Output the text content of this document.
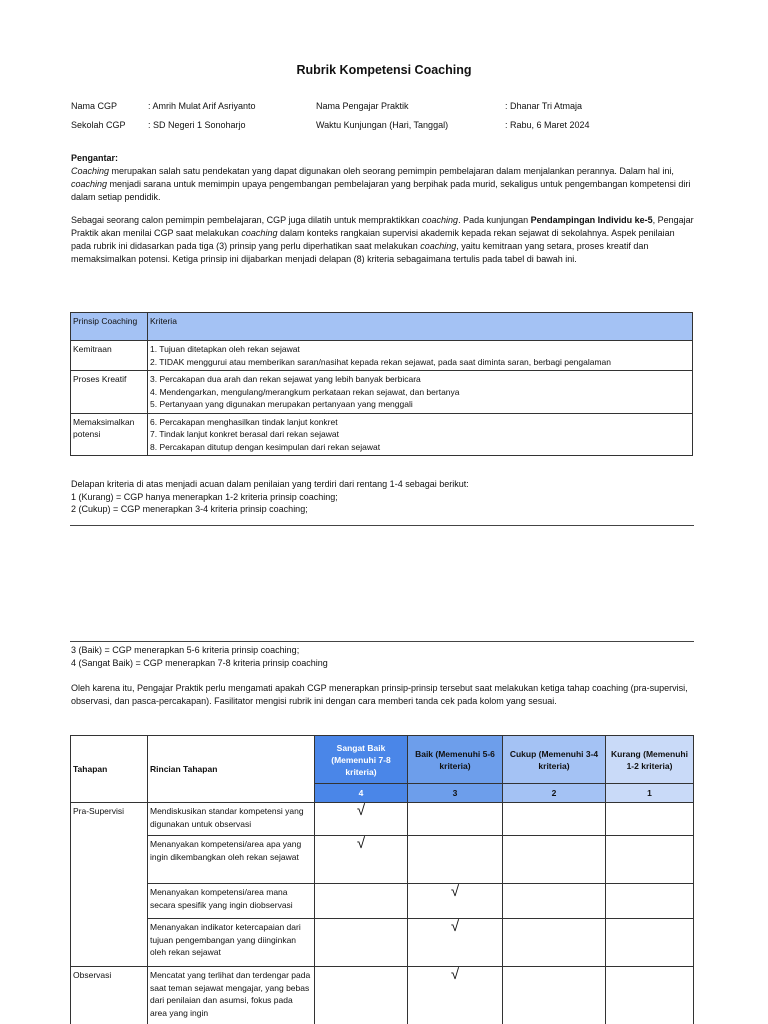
Rubrik Kompetensi Coaching
Nama CGP	: Amrih Mulat Arif Asriyanto	Nama Pengajar Praktik	: Dhanar Tri Atmaja
Sekolah CGP : SD Negeri 1 Sonoharjo	Waktu Kunjungan (Hari, Tanggal)	: Rabu, 6 Maret 2024

Pengantar:

Coaching merupakan salah satu pendekatan yang dapat digunakan oleh seorang pemimpin pembelajaran dalam menjalankan perannya. Dalam hal ini, coaching menjadi sarana untuk memimpin upaya pengembangan pembelajaran yang berpihak pada murid, sekaligus untuk pengembangan kompetensi diri dalam setiap pendidik.

Sebagai seorang calon pemimpin pembelajaran, CGP juga dilatih untuk mempraktikkan coaching. Pada kunjungan Pendampingan Individu ke-5, Pengajar Praktik akan menilai CGP saat melakukan coaching dalam konteks rangkaian supervisi akademik kepada rekan sejawat di sekolahnya. Aspek penilaian pada rubrik ini didasarkan pada tiga (3) prinsip yang perlu diperhatikan saat melakukan coaching, yaitu kemitraan yang setara, proses kreatif dan memaksimalkan potensi. Ketiga prinsip ini dijabarkan menjadi delapan (8) kriteria sebagaimana tertulis pada tabel di bawah ini.

Prinsip Coaching	Kriteria
Kemitraan	1. Tujuan ditetapkan oleh rekan sejawat
2. TIDAK menggurui atau memberikan saran/nasihat kepada rekan sejawat, pada saat diminta saran, berbagi pengalaman

Proses Kreatif	3. Percakapan dua arah dan rekan sejawat yang lebih banyak berbicara
4. Mendengarkan, mengulang/merangkum perkataan rekan sejawat, dan bertanya
5. Pertanyaan yang digunakan merupakan pertanyaan yang menggali

Memaksimalkan potensi	6. Percakapan menghasilkan tindak lanjut konkret
7. Tindak lanjut konkret berasal dari rekan sejawat
8. Percakapan ditutup dengan kesimpulan dari rekan sejawat

Delapan kriteria di atas menjadi acuan dalam penilaian yang terdiri dari rentang 1-4 sebagai berikut:

1 (Kurang) = CGP hanya menerapkan 1-2 kriteria prinsip coaching;

2 (Cukup) = CGP menerapkan 3-4 kriteria prinsip coaching;

3 (Baik) = CGP menerapkan 5-6 kriteria prinsip coaching;

4 (Sangat Baik) = CGP menerapkan 7-8 kriteria prinsip coaching

Oleh karena itu, Pengajar Praktik perlu mengamati apakah CGP menerapkan prinsip-prinsip tersebut saat melakukan ketiga tahap coaching (pra-supervisi, observasi, dan pasca-percakapan). Fasilitator mengisi rubrik ini dengan cara memberi tanda cek pada kolom yang sesuai.

Tahapan	Rincian Tahapan	Sangat Baik (Memenuhi 7-8 kriteria)	Baik (Memenuhi 5-6 kriteria)	Cukup (Memenuhi 3-4 kriteria)	Kurang (Memenuhi 1-2 kriteria)
		4	3	2	1
Pra-Supervisi	Mendiskusikan standar kompetensi yang digunakan untuk observasi	√			
	Menanyakan kompetensi/area apa yang ingin dikembangkan oleh rekan sejawat	√			
	Menanyakan kompetensi/area mana secara spesifik yang ingin diobservasi		√		
	Menanyakan indikator ketercapaian dari tujuan pengembangan yang diinginkan oleh rekan sejawat		√		
Observasi	Mencatat yang terlihat dan terdengar pada saat teman sejawat mengajar, yang bebas dari penilaian dan asumsi, fokus pada area yang ingin		√		
